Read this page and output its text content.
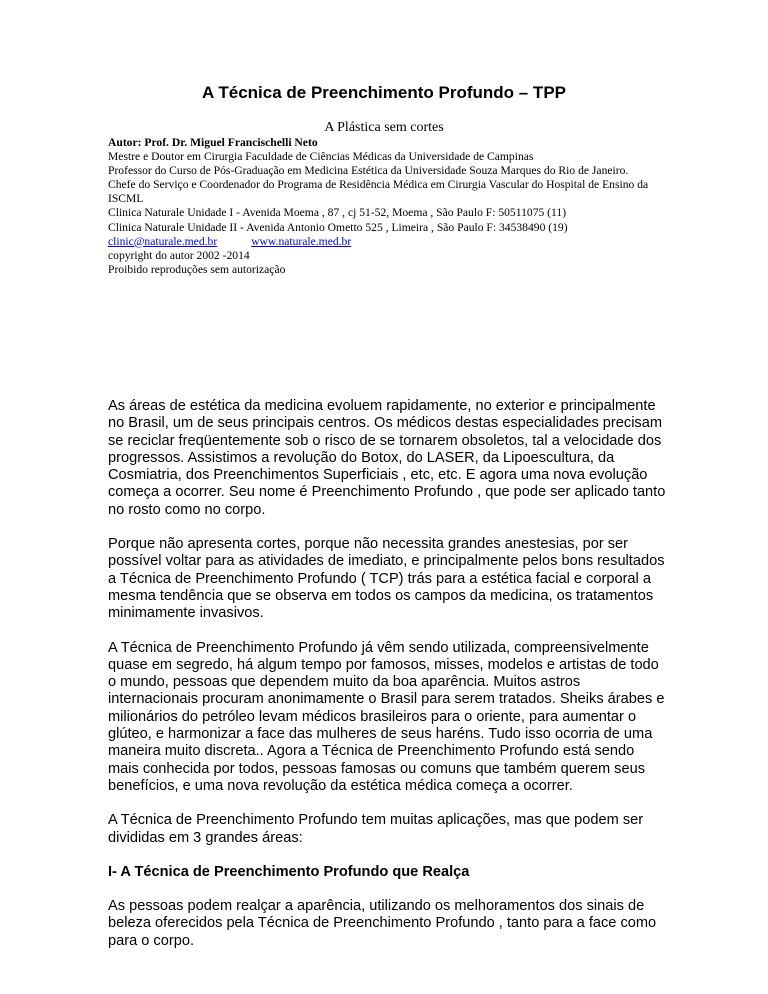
A Técnica de Preenchimento Profundo – TPP
A Plástica sem cortes
Autor: Prof. Dr. Miguel Francischelli Neto
Mestre e Doutor em Cirurgia Faculdade de Ciências Médicas da Universidade de Campinas
Professor do Curso de Pós-Graduação em Medicina Estética da Universidade Souza Marques do Rio de Janeiro.
Chefe do Serviço e Coordenador do Programa de Residência Médica em Cirurgia Vascular do Hospital de Ensino da ISCML
Clinica Naturale Unidade I - Avenida Moema , 87 , cj 51-52, Moema , São Paulo F: 50511075 (11)
Clinica Naturale Unidade II - Avenida Antonio Ometto 525 , Limeira , São Paulo F: 34538490 (19)
clinic@naturale.med.br	www.naturale.med.br
copyright do autor 2002 -2014
Proibido reproduções sem autorização

As áreas de estética da medicina evoluem rapidamente, no exterior e principalmente no Brasil, um de seus principais centros. Os médicos destas especialidades precisam se reciclar freqüentemente sob o risco de se tornarem obsoletos, tal a velocidade dos progressos. Assistimos a revolução do Botox, do LASER, da Lipoescultura, da Cosmiatria, dos Preenchimentos Superficiais , etc, etc. E agora uma nova evolução começa a ocorrer. Seu nome é Preenchimento Profundo , que pode ser aplicado tanto no rosto como no corpo.

Porque não apresenta cortes, porque não necessita grandes anestesias, por ser possível voltar para as atividades de imediato, e principalmente pelos bons resultados a Técnica de Preenchimento Profundo ( TCP) trás para a estética facial e corporal a mesma tendência que se observa em todos os campos da medicina, os tratamentos minimamente invasivos.

A Técnica de Preenchimento Profundo já vêm sendo utilizada, compreensivelmente quase em segredo, há algum tempo por famosos, misses, modelos e artistas de todo o mundo, pessoas que dependem muito da boa aparência. Muitos astros internacionais procuram anonimamente o Brasil para serem tratados. Sheiks árabes e milionários do petróleo levam médicos brasileiros para o oriente, para aumentar o glúteo, e harmonizar a face das mulheres de seus haréns. Tudo isso ocorria de uma maneira muito discreta.. Agora a Técnica de Preenchimento Profundo está sendo mais conhecida por todos, pessoas famosas ou comuns que também querem seus benefícios, e uma nova revolução da estética médica começa a ocorrer.

A Técnica de Preenchimento Profundo tem muitas aplicações, mas que podem ser divididas em 3 grandes áreas:

I- A Técnica de Preenchimento Profundo que Realça

As pessoas podem realçar a aparência, utilizando os melhoramentos dos sinais de beleza oferecidos pela Técnica de Preenchimento Profundo , tanto para a face como para o corpo.
